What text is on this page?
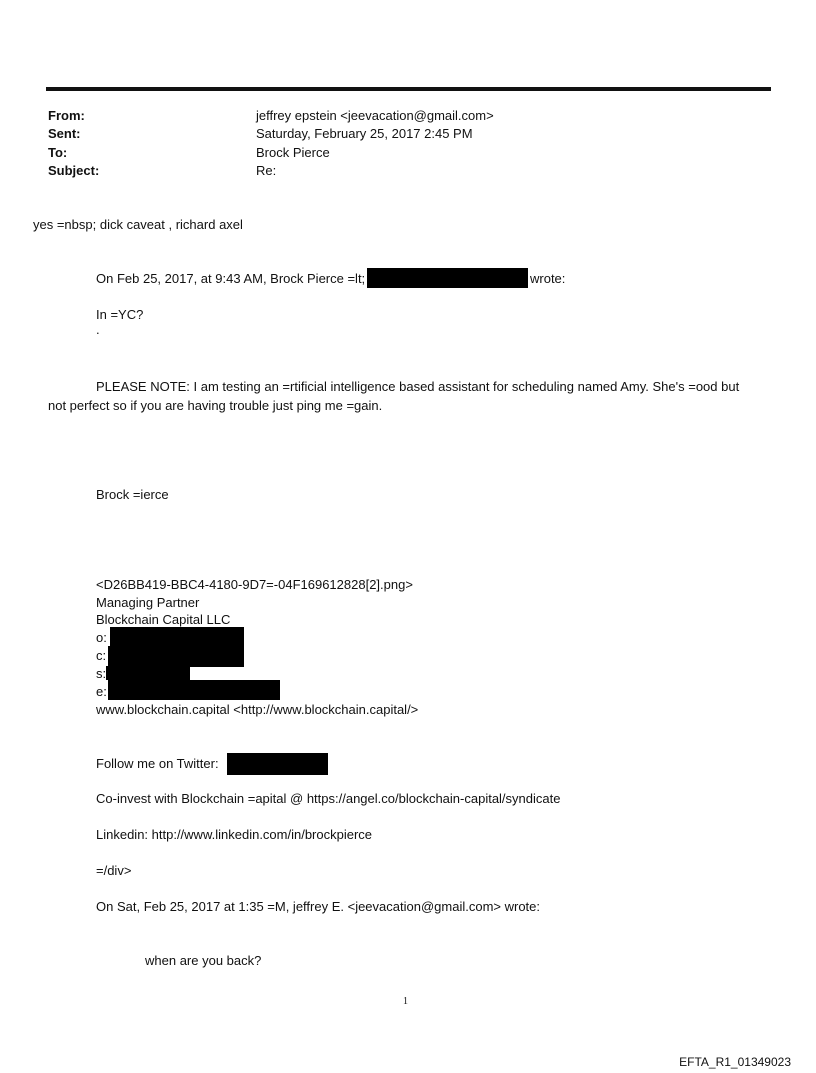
From:	jeffrey epstein <jeevacation@gmail.com>
Sent:	Saturday, February 25, 2017 2:45 PM
To:	Brock Pierce
Subject:	Re:
yes =nbsp; dick caveat , richard axel
On Feb 25, 2017, at 9:43 AM, Brock Pierce =lt;	wrote:
In =YC?
.
PLEASE NOTE: I am testing an =rtificial intelligence based assistant for scheduling named Amy. She's =ood but
not perfect so if you are having trouble just ping me =gain.
Brock =ierce
<D26BB419-BBC4-4180-9D7=-04F169612828[2].png>
Managing Partner
Blockchain Capital LLC
o:
c:
s:
e:
www.blockchain.capital <http://www.blockchain.capital/>
Follow me on Twitter:
Co-invest with Blockchain =apital @ https://angel.co/blockchain-capital/syndicate
Linkedin: http://www.linkedin.com/in/brockpierce
=/div>
On Sat, Feb 25, 2017 at 1:35 =M, jeffrey E. <jeevacation@gmail.com> wrote:
when are you back?
1
EFTA_R1_01349023
